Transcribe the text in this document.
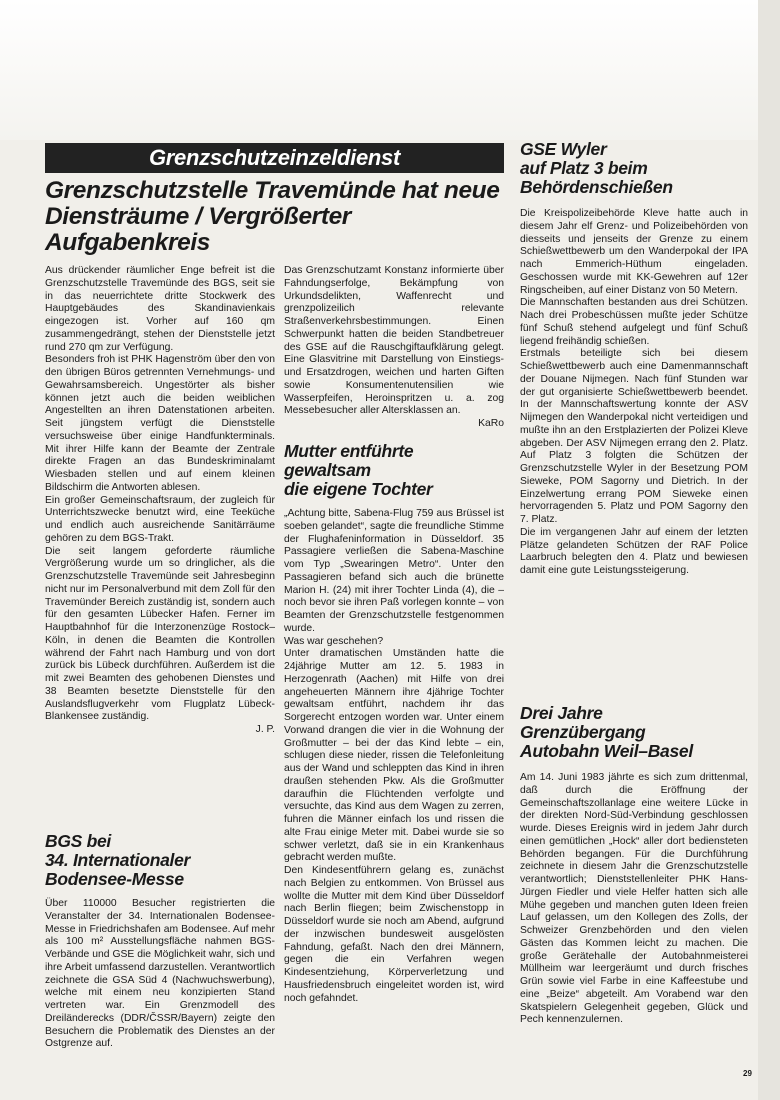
Grenzschutzeinzeldienst
Grenzschutzstelle Travemünde hat neue Diensträume / Vergrößerter Aufgabenkreis

Aus drückender räumlicher Enge befreit ist die Grenzschutzstelle Travemünde des BGS, seit sie in das neuerrichtete dritte Stockwerk des Hauptgebäudes des Skandinavienkais eingezogen ist. Vorher auf 160 qm zusammengedrängt, stehen der Dienststelle jetzt rund 270 qm zur Verfügung.

Besonders froh ist PHK Hagenström über den von den übrigen Büros getrennten Vernehmungs- und Gewahrsamsbereich. Ungestörter als bisher können jetzt auch die beiden weiblichen Angestellten an ihren Datenstationen arbeiten. Seit jüngstem verfügt die Dienststelle versuchsweise über einige Handfunkterminals. Mit ihrer Hilfe kann der Beamte der Zentrale direkte Fragen an das Bundeskriminalamt Wiesbaden stellen und auf einem kleinen Bildschirm die Antworten ablesen.

Ein großer Gemeinschaftsraum, der zugleich für Unterrichtszwecke benutzt wird, eine Teeküche und endlich auch ausreichende Sanitärräume gehören zu dem BGS-Trakt.

Die seit langem geforderte räumliche Vergrößerung wurde um so dringlicher, als die Grenzschutzstelle Travemünde seit Jahresbeginn nicht nur im Personalverbund mit dem Zoll für den Travemünder Bereich zuständig ist, sondern auch für den gesamten Lübecker Hafen. Ferner im Hauptbahnhof für die Interzonenzüge Rostock–Köln, in denen die Beamten die Kontrollen während der Fahrt nach Hamburg und von dort zurück bis Lübeck durchführen. Außerdem ist die mit zwei Beamten des gehobenen Dienstes und 38 Beamten besetzte Dienststelle für den Auslandsflugverkehr vom Flugplatz Lübeck-Blankensee zuständig.

J. P.

BGS bei

34. Internationaler

Bodensee-Messe

Über 110000 Besucher registrierten die Veranstalter der 34. Internationalen Bodensee-Messe in Friedrichshafen am Bodensee. Auf mehr als 100 m² Ausstellungsfläche nahmen BGS-Verbände und GSE die Möglichkeit wahr, sich und ihre Arbeit umfassend darzustellen. Verantwortlich zeichnete die GSA Süd 4 (Nachwuchswerbung), welche mit einem neu konzipierten Stand vertreten war. Ein Grenzmodell des Dreiländerecks (DDR/ČSSR/Bayern) zeigte den Besuchern die Problematik des Dienstes an der Ostgrenze auf.

Das Grenzschutzamt Konstanz informierte über Fahndungserfolge, Bekämpfung von Urkundsdelikten, Waffenrecht und grenzpolizeilich relevante Straßenverkehrsbestimmungen. Einen Schwerpunkt hatten die beiden Standbetreuer des GSE auf die Rauschgiftaufklärung gelegt. Eine Glasvitrine mit Darstellung von Einstiegs- und Ersatzdrogen, weichen und harten Giften sowie Konsumentenutensilien wie Wasserpfeifen, Heroinspritzen u. a. zog Messebesucher aller Altersklassen an.

KaRo

Mutter entführte

gewaltsam

die eigene Tochter

„Achtung bitte, Sabena-Flug 759 aus Brüssel ist soeben gelandet“, sagte die freundliche Stimme der Flughafeninformation in Düsseldorf. 35 Passagiere verließen die Sabena-Maschine vom Typ „Swearingen Metro“. Unter den Passagieren befand sich auch die brünette Marion H. (24) mit ihrer Tochter Linda (4), die – noch bevor sie ihren Paß vorlegen konnte – von Beamten der Grenzschutzstelle festgenommen wurde.

Was war geschehen?

Unter dramatischen Umständen hatte die 24jährige Mutter am 12. 5. 1983 in Herzogenrath (Aachen) mit Hilfe von drei angeheuerten Männern ihre 4jährige Tochter gewaltsam entführt, nachdem ihr das Sorgerecht entzogen worden war. Unter einem Vorwand drangen die vier in die Wohnung der Großmutter – bei der das Kind lebte – ein, schlugen diese nieder, rissen die Telefonleitung aus der Wand und schleppten das Kind in ihren draußen stehenden Pkw. Als die Großmutter daraufhin die Flüchtenden verfolgte und versuchte, das Kind aus dem Wagen zu zerren, fuhren die Männer einfach los und rissen die alte Frau einige Meter mit. Dabei wurde sie so schwer verletzt, daß sie in ein Krankenhaus gebracht werden mußte.

Den Kindesentführern gelang es, zunächst nach Belgien zu entkommen. Von Brüssel aus wollte die Mutter mit dem Kind über Düsseldorf nach Berlin fliegen; beim Zwischenstopp in Düsseldorf wurde sie noch am Abend, aufgrund der inzwischen bundesweit ausgelösten Fahndung, gefaßt. Nach den drei Männern, gegen die ein Verfahren wegen Kindesentziehung, Körperverletzung und Hausfriedensbruch eingeleitet worden ist, wird noch gefahndet.

GSE Wyler

auf Platz 3 beim

Behördenschießen

Die Kreispolizeibehörde Kleve hatte auch in diesem Jahr elf Grenz- und Polizeibehörden von diesseits und jenseits der Grenze zu einem Schießwettbewerb um den Wanderpokal der IPA nach Emmerich-Hüthum eingeladen. Geschossen wurde mit KK-Gewehren auf 12er Ringscheiben, auf einer Distanz von 50 Metern.

Die Mannschaften bestanden aus drei Schützen. Nach drei Probeschüssen mußte jeder Schütze fünf Schuß stehend aufgelegt und fünf Schuß liegend freihändig schießen.

Erstmals beteiligte sich bei diesem Schießwettbewerb auch eine Damenmannschaft der Douane Nijmegen. Nach fünf Stunden war der gut organisierte Schießwettbewerb beendet. In der Mannschaftswertung konnte der ASV Nijmegen den Wanderpokal nicht verteidigen und mußte ihn an den Erstplazierten der Polizei Kleve abgeben. Der ASV Nijmegen errang den 2. Platz. Auf Platz 3 folgten die Schützen der Grenzschutzstelle Wyler in der Besetzung POM Sieweke, POM Sagorny und Dietrich. In der Einzelwertung errang POM Sieweke einen hervorragenden 5. Platz und POM Sagorny den 7. Platz.

Die im vergangenen Jahr auf einem der letzten Plätze gelandeten Schützen der RAF Police Laarbruch belegten den 4. Platz und bewiesen damit eine gute Leistungssteigerung.

Drei Jahre

Grenzübergang

Autobahn Weil–Basel

Am 14. Juni 1983 jährte es sich zum drittenmal, daß durch die Eröffnung der Gemeinschaftszollanlage eine weitere Lücke in der direkten Nord-Süd-Verbindung geschlossen wurde. Dieses Ereignis wird in jedem Jahr durch einen gemütlichen „Hock“ aller dort bediensteten Behörden begangen. Für die Durchführung zeichnete in diesem Jahr die Grenzschutzstelle verantwortlich; Dienststellenleiter PHK Hans-Jürgen Fiedler und viele Helfer hatten sich alle Mühe gegeben und manchen guten Ideen freien Lauf gelassen, um den Kollegen des Zolls, der Schweizer Grenzbehörden und den vielen Gästen das Kommen leicht zu machen. Die große Gerätehalle der Autobahnmeisterei Müllheim war leergeräumt und durch frisches Grün sowie viel Farbe in eine Kaffeestube und eine „Beize“ abgeteilt. Am Vorabend war den Skatspielern Gelegenheit gegeben, Glück und Pech kennenzulernen.

29
